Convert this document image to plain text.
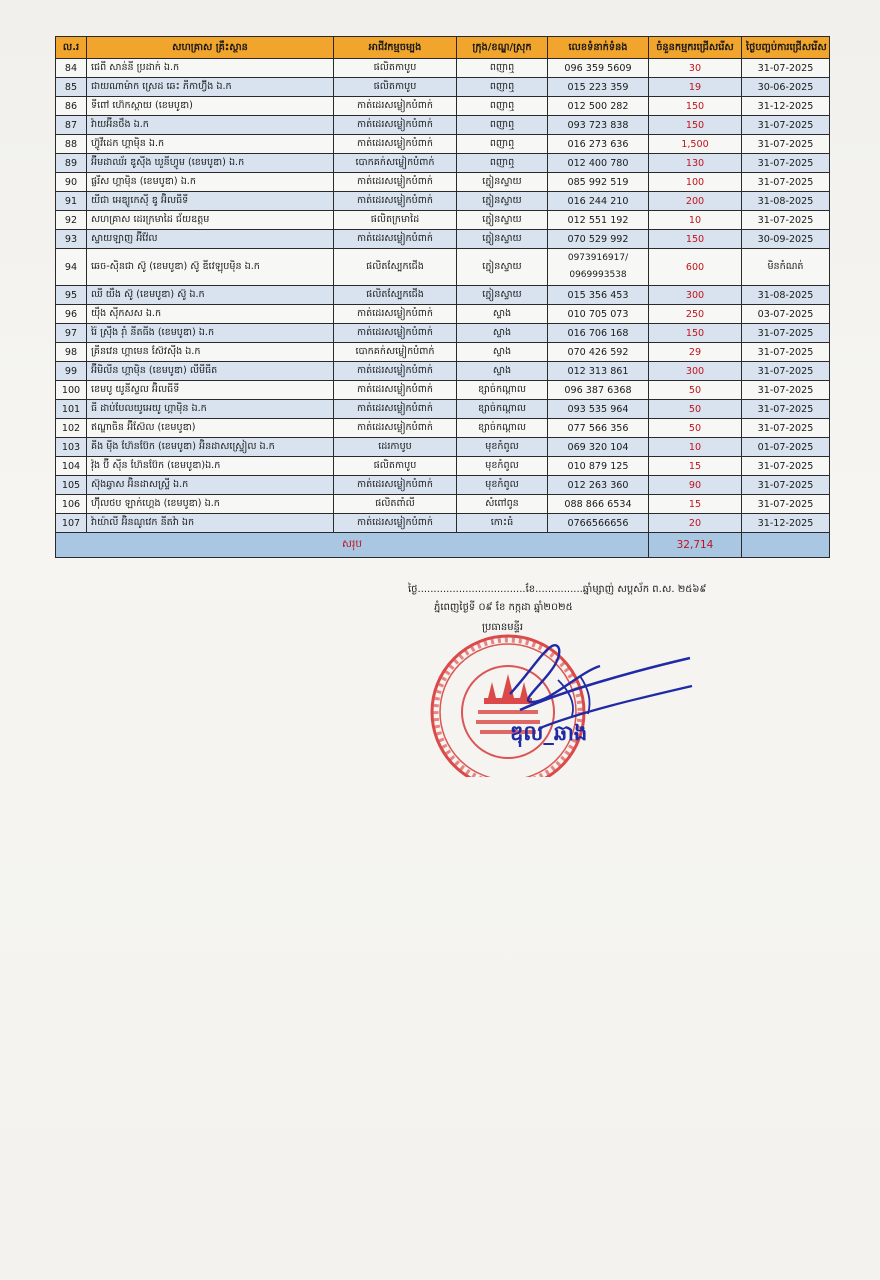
ល.រ	សហគ្រាស គ្រឹះស្ថាន	អាជីវកម្មចម្បង	ក្រុង/ខណ្ឌ/ស្រុក	លេខទំនាក់ទំនង	ចំនួនកម្មករជ្រើសរើស	ថ្ងៃបញ្ចប់ការជ្រើសរើស
84	ជេពី សាន់នី ប្រដាក់ ឯ.ក	ផលិតកាបូប	ពញាឮ	096 359 5609	30	31-07-2025
85	ជាយណាម៉ាក ស្រេដ ឆេះ ភីកាហ៊្វីង ឯ.ក	ផលិតកាបូប	ពញាឮ	015 223 359	19	30-06-2025
86	ទីពៅ ហ៊េកស្តាយ (ខេមបូឌា)	កាត់ដេរសម្លៀកបំពាក់	ពញាឮ	012 500 282	150	31-12-2025
87	វ៉ាយអ៊ីនថឹង ឯ.ក	កាត់ដេរសម្លៀកបំពាក់	ពញាឮ	093 723 838	150	31-07-2025
88	ហ៊្វូវីដេក ហ្គាម៉ិន ឯ.ក	កាត់ដេរសម្លៀកបំពាក់	ពញាឮ	016 273 636	1,500	31-07-2025
89	អ៊ីមដាឈ័រ ឌូស៊ីង ឃួនីហ្វូម (ខេមបូឌា) ឯ.ក	បោកគក់សម្លៀកបំពាក់	ពញាឮ	012 400 780	130	31-07-2025
90	ផ្លរីស ហ្គាម៉ិន (ខេមបូឌា) ឯ.ក	កាត់ដេរសម្លៀកបំពាក់	ភ្នៀនស្ទាយ	085 992 519	100	31-07-2025
91	យីជា អេឌ្យូកេស៊ី ឌូ អ៊ិលធីទី	កាត់ដេរសម្លៀកបំពាក់	ភ្នៀនស្ទាយ	016 244 210	200	31-08-2025
92	សហគ្រាស ដេរក្រមាដៃ ជ័យឧត្ដម	ផលិតក្រមាដៃ	ភ្នៀនស្ទាយ	012 551 192	10	31-07-2025
93	ស្ទាយឡាញ អ៊ីវ៉ែល	កាត់ដេរសម្លៀកបំពាក់	ភ្នៀនស្ទាយ	070 529 992	150	30-09-2025
94	ឆេច-ស៊ិនជា ស៊ូ (ខេមបូឌា) ស៊ូ ឌីវេឡុបម៉ិន ឯ.ក	ផលិតស្បែកជើង	ភ្នៀនស្ទាយ	0973916917/
0969993538	600	មិនកំណត់
95	ឈី យឹង ស៊ូ (ខេមបូឌា) ស៊ូ ឯ.ក	ផលិតស្បែកជើង	ភ្នៀនស្ទាយ	015 356 453	300	31-08-2025
96	យ៉ឹង ស៊ីកសស ឯ.ក	កាត់ដេរសម្លៀកបំពាក់	ស្ទាង	010 705 073	250	03-07-2025
97	រ៉ៃ ស្រ៊ីង រ៉ាំ នីតធីង (ខេមបូឌា) ឯ.ក	កាត់ដេរសម្លៀកបំពាក់	ស្ទាង	016 706 168	150	31-07-2025
98	គ្រីនវេន ហ្គាមេន ស៊ែវស៊ីង ឯ.ក	បោកគក់សម្លៀកបំពាក់	ស្ទាង	070 426 592	29	31-07-2025
99	អ៊ីមិលីន ហ្គាម៉ិន (ខេមបូឌា) លីមីធីត	កាត់ដេរសម្លៀកបំពាក់	ស្ទាង	012 313 861	300	31-07-2025
100	ខេមបូ យូនីស្ទល អ៊ិលធីទី	កាត់ដេរសម្លៀកបំពាក់	ខ្សាច់កណ្ដាល	096 387 6368	50	31-07-2025
101	ធី ដាប់បែលយូអេយូ ហ្គាម៉ិន ឯ.ក	កាត់ដេរសម្លៀកបំពាក់	ខ្សាច់កណ្ដាល	093 535 964	50	31-07-2025
102	ឥណ្ឌាចិន អ៊ីស៊ែល (ខេមបូឌា)	កាត់ដេរសម្លៀកបំពាក់	ខ្សាច់កណ្ដាល	077 566 356	50	31-07-2025
103	គីង ម៉ីង ហ៊ែនប៊ែក (ខេមបូឌា) អ៊ិនដាសស្ទ្រៀល ឯ.ក	ដេរកាបូប	មុខកំពូល	069 320 104	10	01-07-2025
104	វ៉ុង ប៊ី ស៊ីន ហ៊ែនប៊ែក (ខេមបូឌា)ឯ.ក	ផលិតកាបូប	មុខកំពូល	010 879 125	15	31-07-2025
105	ស៊ុងឆ្វាស អ៊ិនដាសស្ទ្រី ឯ.ក	កាត់ដេរសម្លៀកបំពាក់	មុខកំពូល	012 263 360	90	31-07-2025
106	ហ៊ុីលថប ឡាក់ហ្គេង (ខេមបូឌា) ឯ.ក	ផលិតពាំលី	សំពៅពូន	088 866 6534	15	31-07-2025
107	វ៉ាយ៉ាលី អ៊ិនណូវេក នីតវ៉ា ឯក	កាត់ដេរសម្លៀកបំពាក់	កោះធំ	0766566656	20	31-12-2025
សរុប					32,714	
ថ្ងៃ..................................ខែ...............ឆ្នាំម្សាញ់ សប្តស័ក ព.ស. ២៥៦៩
ភ្នំពេញថ្ងៃទី ០៩ ខែ កក្កដា ឆ្នាំ២០២៥
ប្រធានមន្ទីរ
ឌុល_ឆាង
